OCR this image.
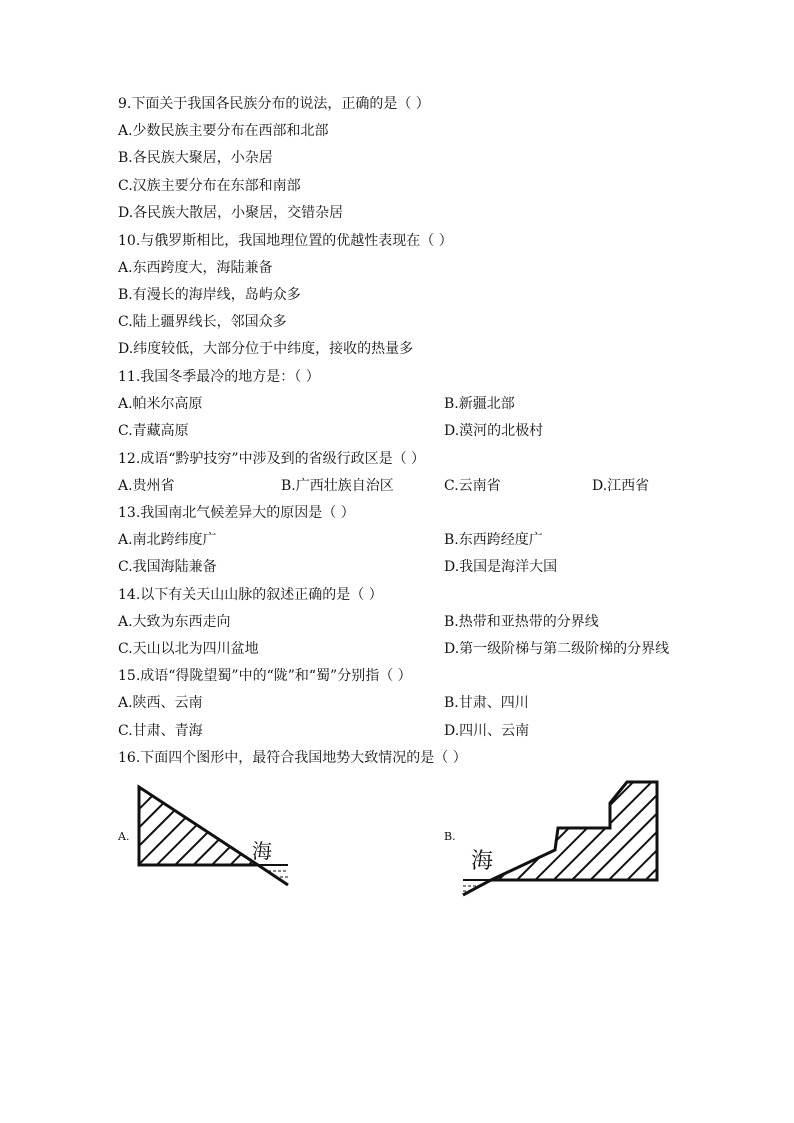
9.下面关于我国各民族分布的说法，正确的是（ ）
A.少数民族主要分布在西部和北部
B.各民族大聚居，小杂居
C.汉族主要分布在东部和南部
D.各民族大散居，小聚居，交错杂居
10.与俄罗斯相比，我国地理位置的优越性表现在（ ）
A.东西跨度大，海陆兼备
B.有漫长的海岸线，岛屿众多
C.陆上疆界线长，邻国众多
D.纬度较低，大部分位于中纬度，接收的热量多
11.我国冬季最冷的地方是：（ ）
A.帕米尔高原	B.新疆北部
C.青藏高原	D.漠河的北极村
12.成语“黔驴技穷”中涉及到的省级行政区是（ ）
A.贵州省	B.广西壮族自治区	C.云南省	D.江西省
13.我国南北气候差异大的原因是（ ）
A.南北跨纬度广	B.东西跨经度广
C.我国海陆兼备	D.我国是海洋大国
14.以下有关天山山脉的叙述正确的是（ ）
A.大致为东西走向	B.热带和亚热带的分界线
C.天山以北为四川盆地	D.第一级阶梯与第二级阶梯的分界线
15.成语“得陇望蜀”中的“陇”和“蜀”分别指（ ）
A.陕西、云南	B.甘肃、四川
C.甘肃、青海	D.四川、云南
16.下面四个图形中，最符合我国地势大致情况的是（ ）
A.
海
B.
海
